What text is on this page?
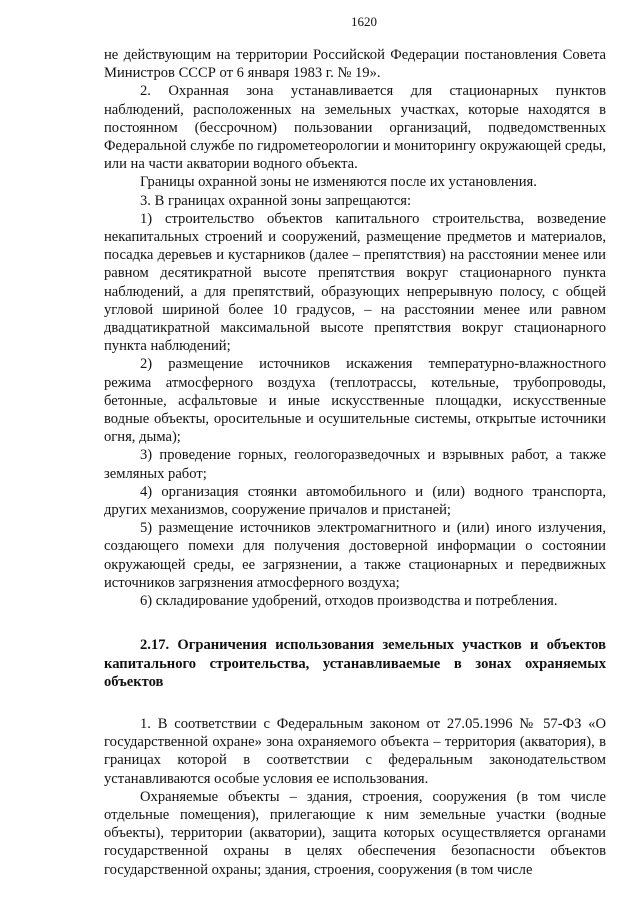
1620

не действующим на территории Российской Федерации постановления Совета Министров СССР от 6 января 1983 г. № 19».

2. Охранная зона устанавливается для стационарных пунктов наблюдений, расположенных на земельных участках, которые находятся в постоянном (бессрочном) пользовании организаций, подведомственных Федеральной службе по гидрометеорологии и мониторингу окружающей среды, или на части акватории водного объекта.

Границы охранной зоны не изменяются после их установления.

3. В границах охранной зоны запрещаются:

1) строительство объектов капитального строительства, возведение некапитальных строений и сооружений, размещение предметов и материалов, посадка деревьев и кустарников (далее – препятствия) на расстоянии менее или равном десятикратной высоте препятствия вокруг стационарного пункта наблюдений, а для препятствий, образующих непрерывную полосу, с общей угловой шириной более 10 градусов, – на расстоянии менее или равном двадцатикратной максимальной высоте препятствия вокруг стационарного пункта наблюдений;

2) размещение источников искажения температурно-влажностного режима атмосферного воздуха (теплотрассы, котельные, трубопроводы, бетонные, асфальтовые и иные искусственные площадки, искусственные водные объекты, оросительные и осушительные системы, открытые источники огня, дыма);

3) проведение горных, геологоразведочных и взрывных работ, а также земляных работ;

4) организация стоянки автомобильного и (или) водного транспорта, других механизмов, сооружение причалов и пристаней;

5) размещение источников электромагнитного и (или) иного излучения, создающего помехи для получения достоверной информации о состоянии окружающей среды, ее загрязнении, а также стационарных и передвижных источников загрязнения атмосферного воздуха;

6) складирование удобрений, отходов производства и потребления.

2.17. Ограничения использования земельных участков и объектов капитального строительства, устанавливаемые в зонах охраняемых объектов

1. В соответствии с Федеральным законом от 27.05.1996 № 57-ФЗ «О государственной охране» зона охраняемого объекта – территория (акватория), в границах которой в соответствии с федеральным законодательством устанавливаются особые условия ее использования.

Охраняемые объекты – здания, строения, сооружения (в том числе отдельные помещения), прилегающие к ним земельные участки (водные объекты), территории (акватории), защита которых осуществляется органами государственной охраны в целях обеспечения безопасности объектов государственной охраны; здания, строения, сооружения (в том числе
